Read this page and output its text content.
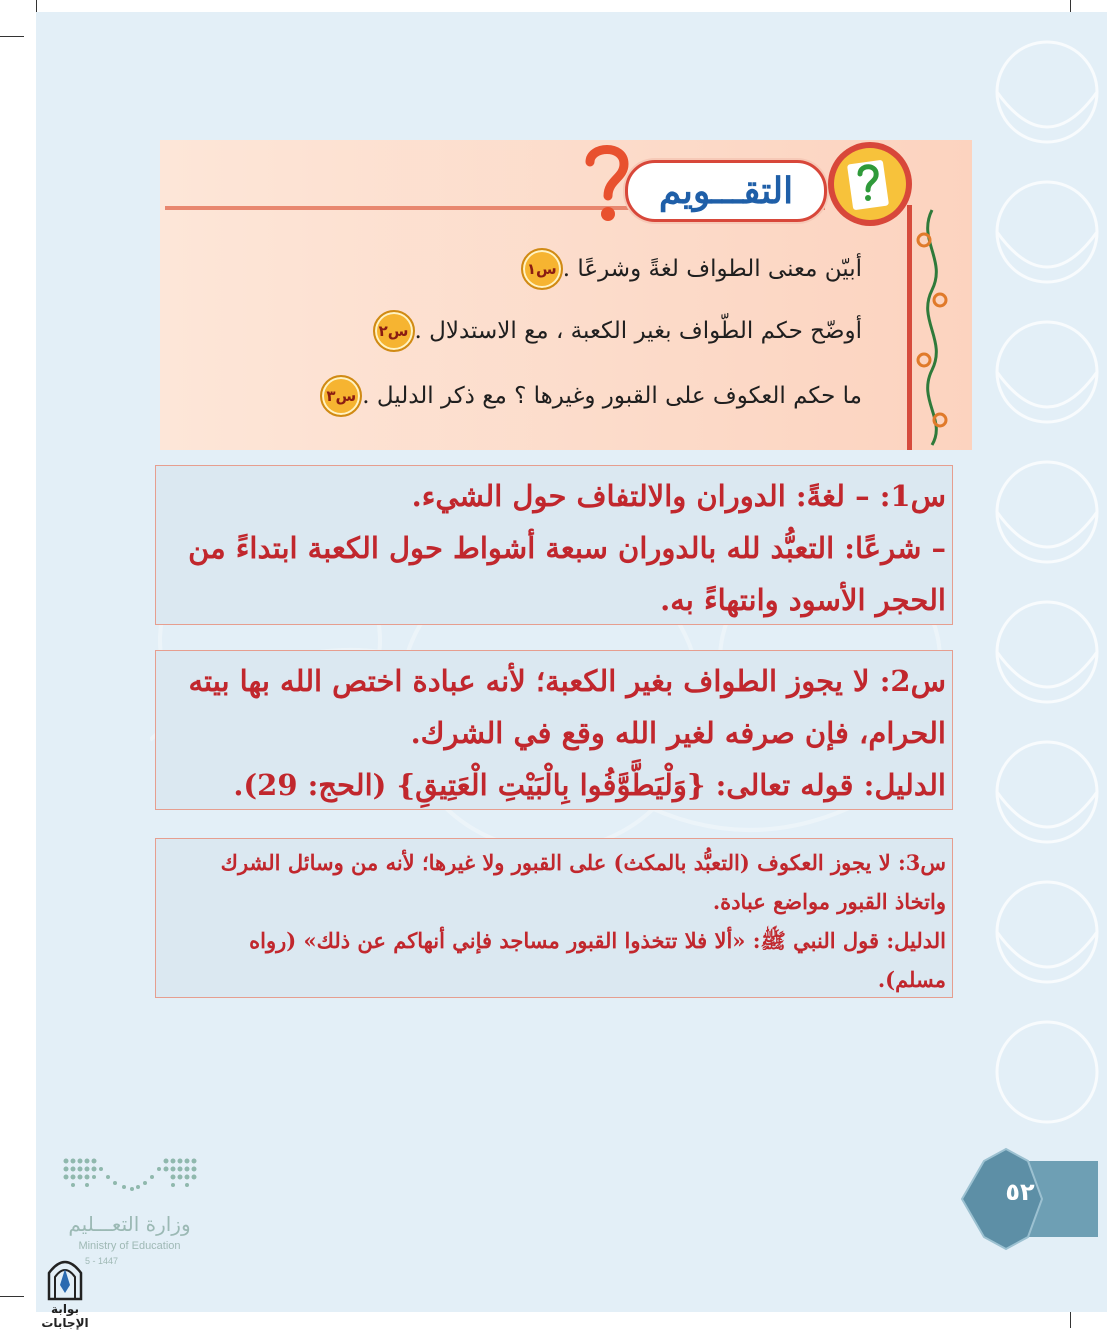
التقـــويم
س١ أبيّن معنى الطواف لغةً وشرعًا .
س٢ أوضّح حكم الطّواف بغير الكعبة ، مع الاستدلال .
س٣ ما حكم العكوف على القبور وغيرها ؟ مع ذكر الدليل .

س1: – لغةً: الدوران والالتفاف حول الشيء.

– شرعًا: التعبُّد لله بالدوران سبعة أشواط حول الكعبة ابتداءً من

الحجر الأسود وانتهاءً به.

س2: لا يجوز الطواف بغير الكعبة؛ لأنه عبادة اختص الله بها بيته

الحرام، فإن صرفه لغير الله وقع في الشرك.

الدليل: قوله تعالى: {وَلْيَطَّوَّفُوا بِالْبَيْتِ الْعَتِيقِ} (الحج: 29).

س3: لا يجوز العكوف (التعبُّد بالمكث) على القبور ولا غيرها؛ لأنه من وسائل الشرك

واتخاذ القبور مواضع عبادة.

الدليل: قول النبي ﷺ: «ألا فلا تتخذوا القبور مساجد فإني أنهاكم عن ذلك» (رواه

مسلم).

وزارة التعـــليم
Ministry of Education
5 - 1447
بوابة الإجابات
٥٢
